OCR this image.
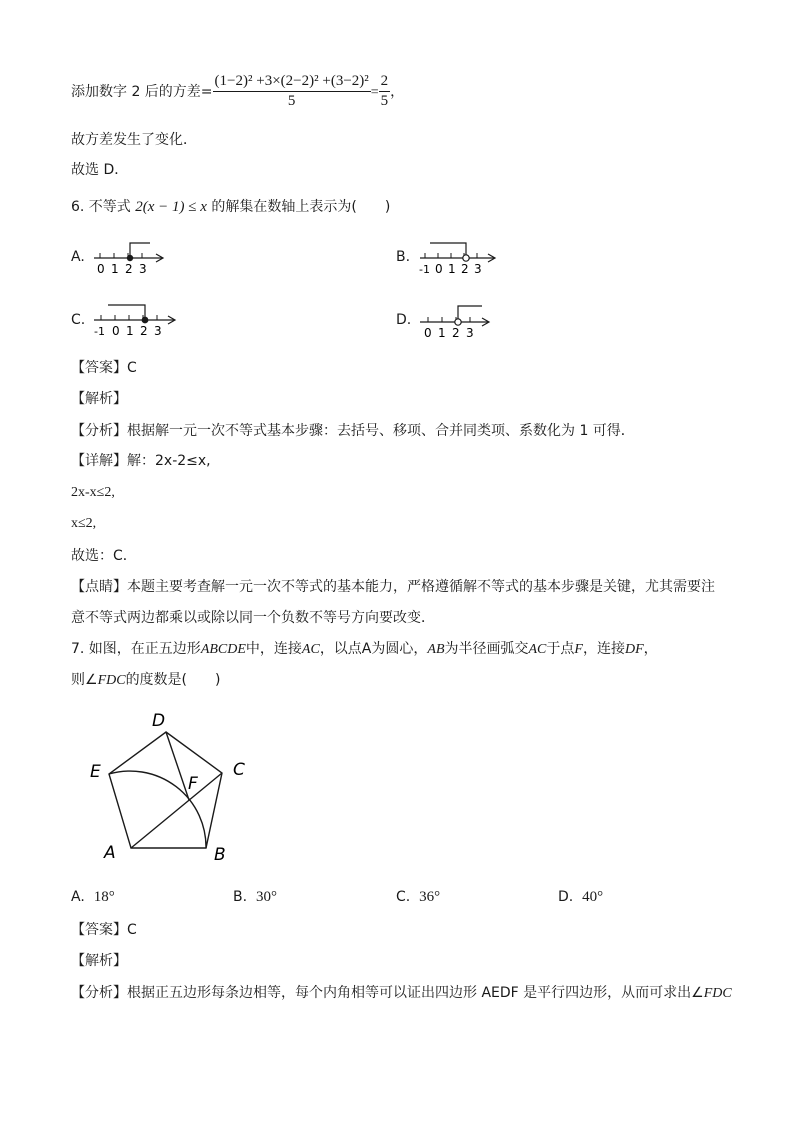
添加数字 2 后的方差= $\frac{\text{(1−2)² +3×(2−2)² +(3−2)²}}{5} = \frac{2}{5}$ ，
故方差发生了变化．
故选 D．
6. 不等式 2(x − 1) ≤ x 的解集在数轴上表示为(　　)
A.
0 1 2 3
B.
-1 0 1 2 3
C.
-1 0 1 2 3
D.
0 1 2 3
【答案】C
【解析】
【分析】根据解一元一次不等式基本步骤：去括号、移项、合并同类项、系数化为 1 可得．
【详解】解：2x-2≤x,
2x-x≤2,
x≤2,
故选：C．
【点睛】本题主要考查解一元一次不等式的基本能力，严格遵循解不等式的基本步骤是关键，尤其需要注
意不等式两边都乘以或除以同一个负数不等号方向要改变．
7. 如图，在正五边形ABCDE中，连接AC，以点A为圆心，AB为半径画弧交AC于点F，连接DF，
则∠FDC的度数是(　　)
D
C
E
F
A	B
A. 18°	B. 30°	C. 36°	D. 40°
【答案】C
【解析】
【分析】根据正五边形每条边相等，每个内角相等可以证出四边形 AEDF 是平行四边形，从而可求出∠FDC
